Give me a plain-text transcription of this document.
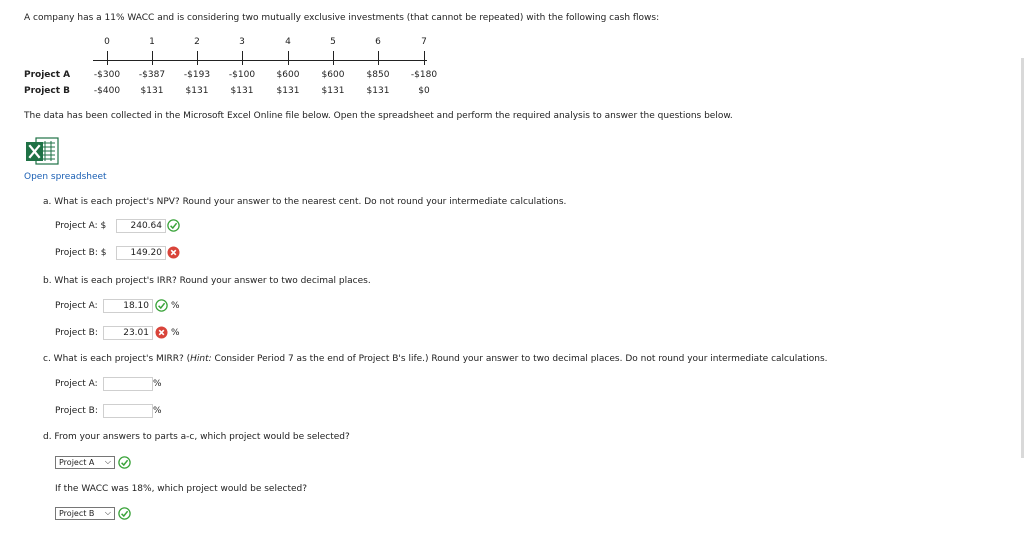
A company has a 11% WACC and is considering two mutually exclusive investments (that cannot be repeated) with the following cash flows:
0	1	2	3	4	5	6	7
Project A	-$300	-$387	-$193	-$100	$600	$600	$850	-$180
Project B	-$400	$131	$131	$131	$131	$131	$131	$0
The data has been collected in the Microsoft Excel Online file below. Open the spreadsheet and perform the required analysis to answer the questions below.
Open spreadsheet
a. What is each project's NPV? Round your answer to the nearest cent. Do not round your intermediate calculations.
Project A: $
240.64
Project B: $
149.20
b. What is each project's IRR? Round your answer to two decimal places.
Project A:
18.10	%
Project B:
23.01	%
c. What is each project's MIRR? (Hint: Consider Period 7 as the end of Project B's life.) Round your answer to two decimal places. Do not round your intermediate calculations.
Project A:	%
Project B:	%
d. From your answers to parts a-c, which project would be selected?
Project A ⌵
If the WACC was 18%, which project would be selected?
Project B ⌵
